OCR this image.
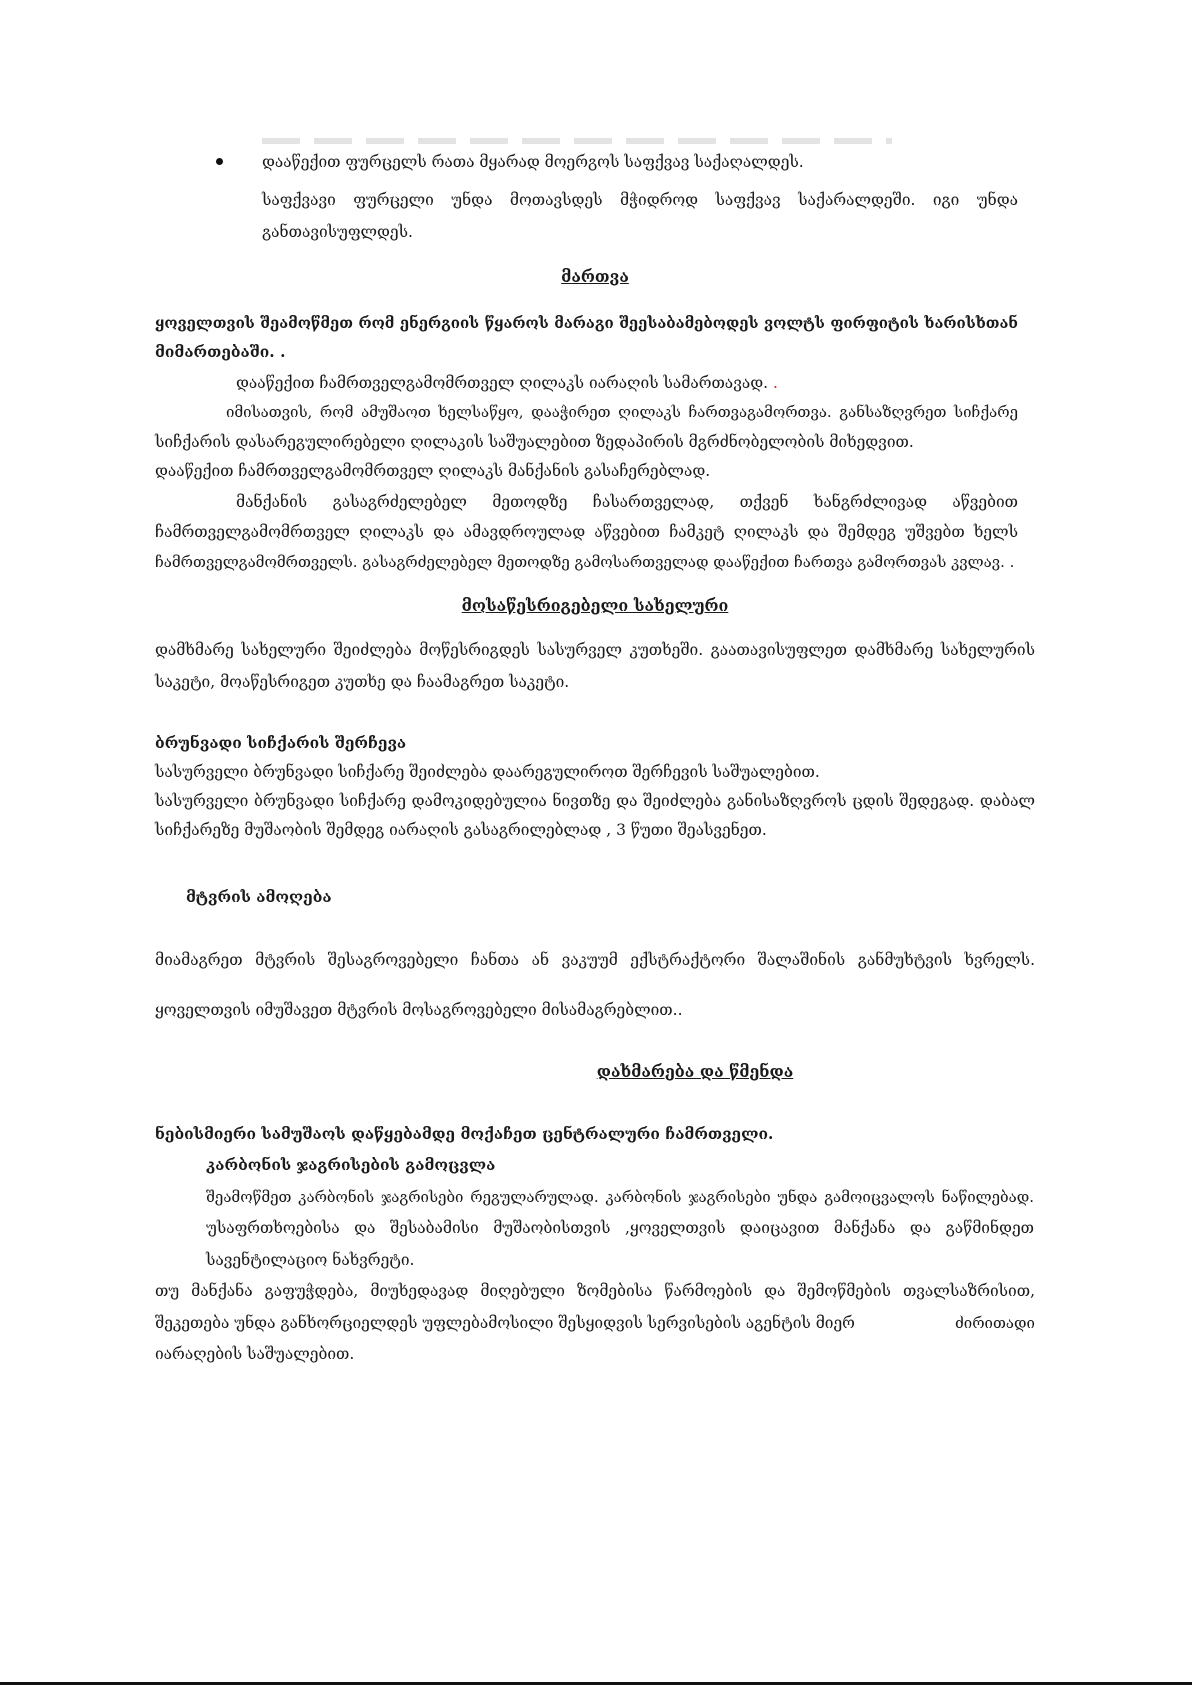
დააწექით ფურცელს რათა მყარად მოერგოს საფქვავ საქაღალდეს.
საფქვავი ფურცელი უნდა მოთავსდეს მჭიდროდ საფქვავ საქარალდეში. იგი უნდა
განთავისუფლდეს.
მართვა
ყოველთვის შეამოწმეთ რომ ენერგიის წყაროს მარაგი შეესაბამებოდეს ვოლტს ფირფიტის ხარისხთან
მიმართებაში. .
დააწექით ჩამრთველგამომრთველ ღილაკს იარაღის სამართავად. .
იმისათვის, რომ ამუშაოთ ხელსაწყო, დააჭირეთ ღილაკს ჩართვაგამორთვა. განსაზღვრეთ სიჩქარე
სიჩქარის დასარეგულირებელი ღილაკის საშუალებით ზედაპირის მგრძნობელობის მიხედვით.
დააწექით ჩამრთველგამომრთველ ღილაკს მანქანის გასაჩერებლად.
მანქანის გასაგრძელებელ მეთოდზე ჩასართველად, თქვენ ხანგრძლივად აწვებით
ჩამრთველგამომრთველ ღილაკს და ამავდროულად აწვებით ჩამკეტ ღილაკს და შემდეგ უშვებთ ხელს
ჩამრთველგამომრთველს. გასაგრძელებელ მეთოდზე გამოსართველად დააწექით ჩართვა გამორთვას კვლავ. .
მოსაწესრიგებელი სახელური
დამხმარე სახელური შეიძლება მოწესრიგდეს სასურველ კუთხეში. გაათავისუფლეთ დამხმარე სახელურის
საკეტი, მოაწესრიგეთ კუთხე და ჩაამაგრეთ საკეტი.
ბრუნვადი სიჩქარის შერჩევა
სასურველი ბრუნვადი სიჩქარე შეიძლება დაარეგულიროთ შერჩევის საშუალებით.
სასურველი ბრუნვადი სიჩქარე დამოკიდებულია ნივთზე და შეიძლება განისაზღვროს ცდის შედეგად. დაბალ
სიჩქარეზე მუშაობის შემდეგ იარაღის გასაგრილებლად , 3 წუთი შეასვენეთ.
მტვრის ამოღება
მიამაგრეთ მტვრის შესაგროვებელი ჩანთა ან ვაკუუმ ექსტრაქტორი შალაშინის განმუხტვის ხვრელს.
ყოველთვის იმუშავეთ მტვრის მოსაგროვებელი მისამაგრებლით..
დახმარება და წმენდა
ნებისმიერი სამუშაოს დაწყებამდე მოქაჩეთ ცენტრალური ჩამრთველი.
კარბონის ჯაგრისების გამოცვლა
შეამოწმეთ კარბონის ჯაგრისები რეგულარულად. კარბონის ჯაგრისები უნდა გამოიცვალოს ნაწილებად.
უსაფრთხოებისა და შესაბამისი მუშაობისთვის ,ყოველთვის დაიცავით მანქანა და გაწმინდეთ
სავენტილაციო ნახვრეტი.
თუ მანქანა გაფუჭდება, მიუხედავად მიღებული ზომებისა წარმოების და შემოწმების თვალსაზრისით,
შეკეთება უნდა განხორციელდეს უფლებამოსილი შესყიდვის სერვისების აგენტის მიერ	ძირითადი
იარაღების საშუალებით.
